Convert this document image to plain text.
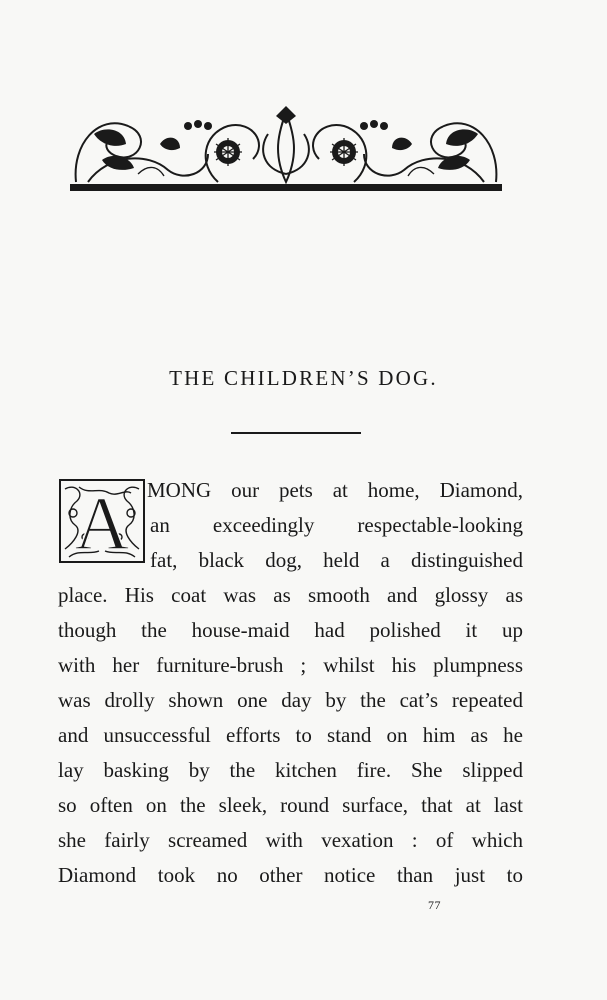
THE CHILDREN’S DOG.
A MONG our pets at home, Diamond,
an exceedingly respectable-looking
fat, black dog, held a distinguished
place. His coat was as smooth and glossy as
though the house-maid had polished it up
with her furniture-brush ; whilst his plumpness
was drolly shown one day by the cat’s repeated
and unsuccessful efforts to stand on him as he
lay basking by the kitchen fire. She slipped
so often on the sleek, round surface, that at last
she fairly screamed with vexation : of which
Diamond took no other notice than just to
77
